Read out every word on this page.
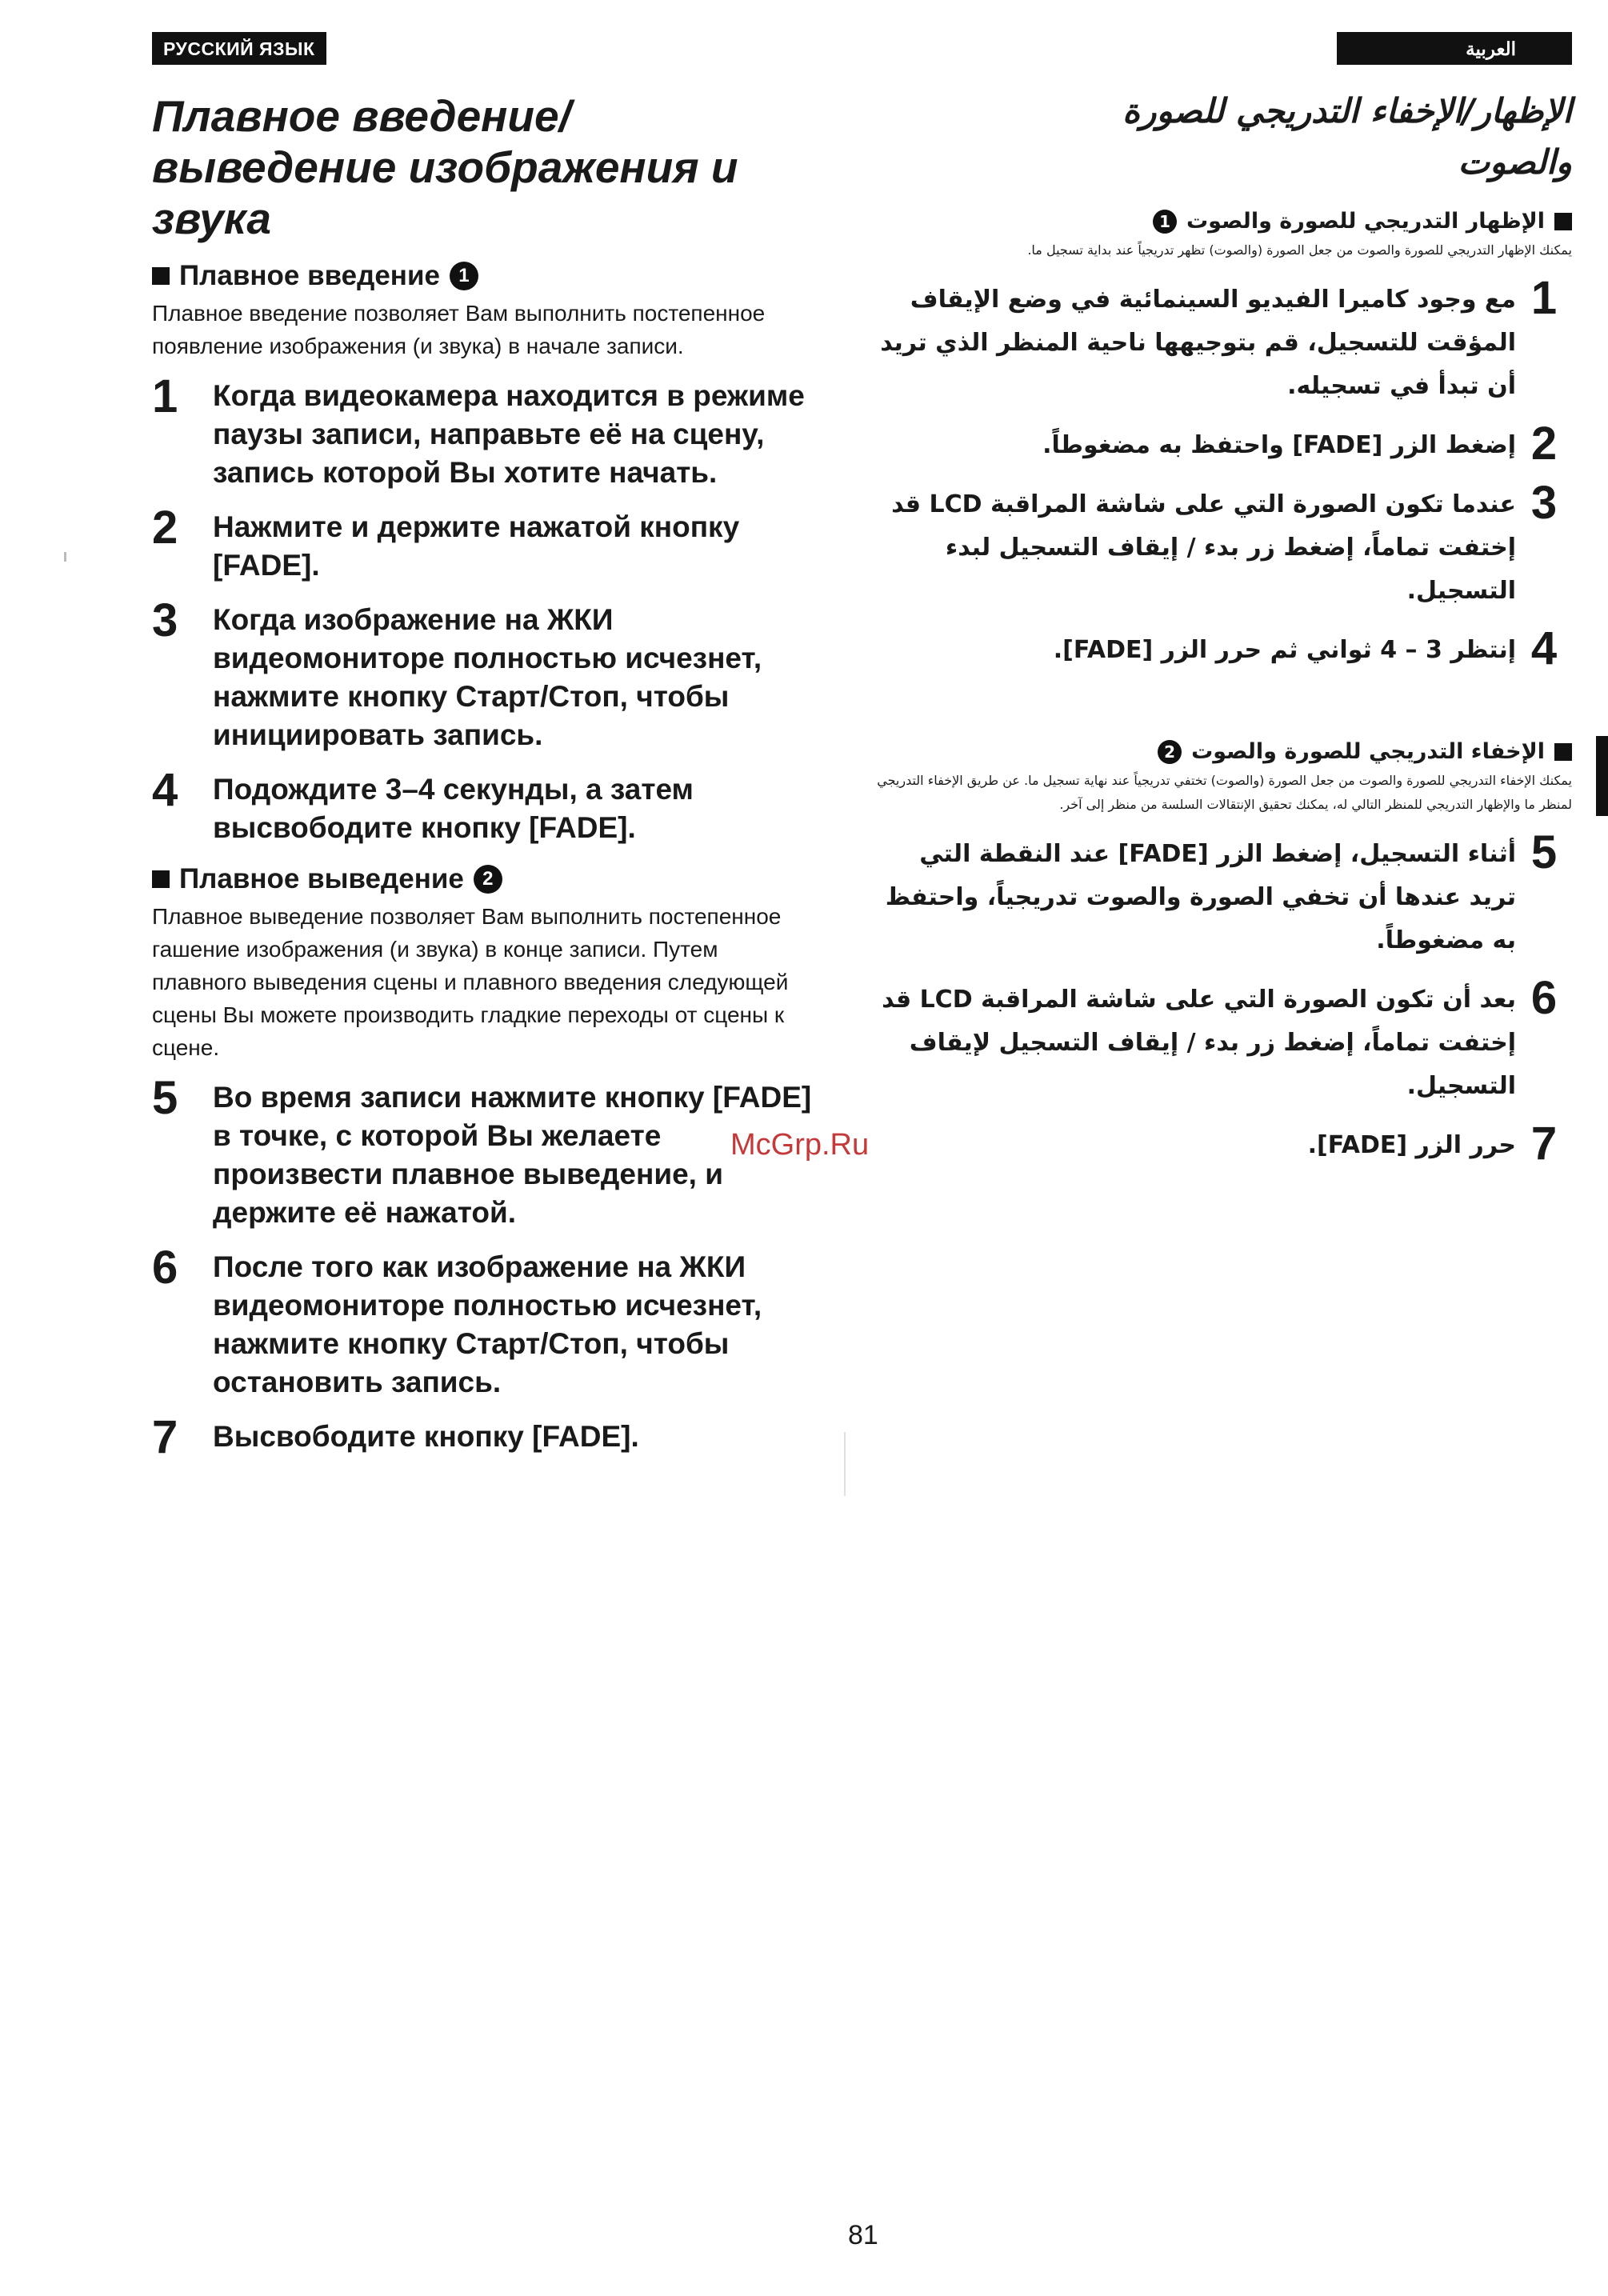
РУССКИЙ ЯЗЫК
Плавное введение/
выведение изображения и
звука
Плавное введение 1

Плавное введение позволяет Вам выполнить постепенное появление изображения (и звука) в начале записи.

1	Когда видеокамера находится в режиме паузы записи, направьте её на сцену, запись которой Вы хотите начать.
2	Нажмите и держите нажатой кнопку [FADE].
3	Когда изображение на ЖКИ видеомониторе полностью исчезнет, нажмите кнопку Старт/Стоп, чтобы инициировать запись.
4	Подождите 3–4 секунды, а затем высвободите кнопку [FADE].
Плавное выведение 2

Плавное выведение позволяет Вам выполнить постепенное гашение изображения (и звука) в конце записи. Путем плавного выведения сцены и плавного введения следующей сцены Вы можете производить гладкие переходы от сцены к сцене.

5	Во время записи нажмите кнопку [FADE] в точке, с которой Вы желаете произвести плавное выведение, и держите её нажатой.
6	После того как изображение на ЖКИ видеомониторе полностью исчезнет, нажмите кнопку Старт/Стоп, чтобы остановить запись.
7	Высвободите кнопку [FADE].
العربية
الإظهار/الإخفاء التدريجي للصورة
والصوت
الإظهار التدريجي للصورة والصوت
1

يمكنك الإظهار التدريجي للصورة والصوت من جعل الصورة (والصوت) تظهر تدريجياً عند بداية تسجيل ما.

1
مع وجود كاميرا الفيديو السينمائية في وضع الإيقاف المؤقت للتسجيل، قم بتوجيهها ناحية المنظر الذي تريد أن تبدأ في تسجيله.
2
إضغط الزر [FADE] واحتفظ به مضغوطاً.
3
عندما تكون الصورة التي على شاشة المراقبة LCD قد إختفت تماماً، إضغط زر بدء / إيقاف التسجيل لبدء التسجيل.
4
إنتظر 3 – 4 ثواني ثم حرر الزر [FADE].
الإخفاء التدريجي للصورة والصوت
2

يمكنك الإخفاء التدريجي للصورة والصوت من جعل الصورة (والصوت) تختفي تدريجياً عند نهاية تسجيل ما. عن طريق الإخفاء التدريجي لمنظر ما والإظهار التدريجي للمنظر التالي له، يمكنك تحقيق الإنتقالات السلسة من منظر إلى آخر.

5
أثناء التسجيل، إضغط الزر [FADE] عند النقطة التي تريد عندها أن تخفي الصورة والصوت تدريجياً، واحتفظ به مضغوطاً.
6
بعد أن تكون الصورة التي على شاشة المراقبة LCD قد إختفت تماماً، إضغط زر بدء / إيقاف التسجيل لإيقاف التسجيل.
7
حرر الزر [FADE].
McGrp.Ru
81
